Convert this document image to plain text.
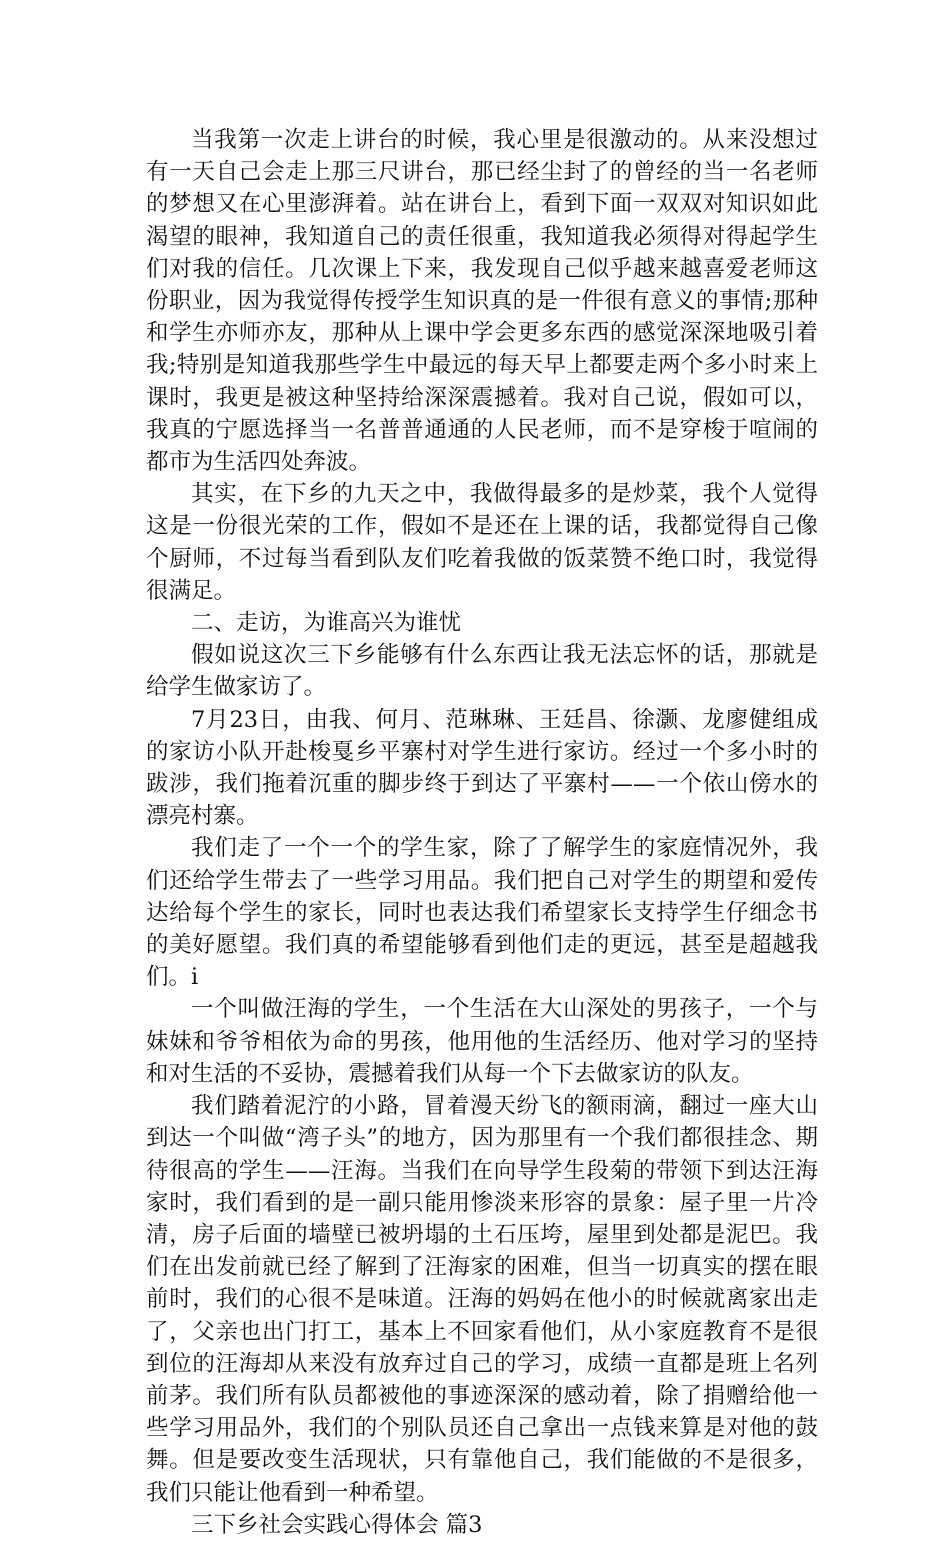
当我第一次走上讲台的时候，我心里是很激动的。从来没想过有一天自己会走上那三尺讲台，那已经尘封了的曾经的当一名老师的梦想又在心里澎湃着。站在讲台上，看到下面一双双对知识如此渴望的眼神，我知道自己的责任很重，我知道我必须得对得起学生们对我的信任。几次课上下来，我发现自己似乎越来越喜爱老师这份职业，因为我觉得传授学生知识真的是一件很有意义的事情;那种和学生亦师亦友，那种从上课中学会更多东西的感觉深深地吸引着我;特别是知道我那些学生中最远的每天早上都要走两个多小时来上课时，我更是被这种坚持给深深震撼着。我对自己说，假如可以，我真的宁愿选择当一名普普通通的人民老师，而不是穿梭于喧闹的都市为生活四处奔波。

其实，在下乡的九天之中，我做得最多的是炒菜，我个人觉得这是一份很光荣的工作，假如不是还在上课的话，我都觉得自己像个厨师，不过每当看到队友们吃着我做的饭菜赞不绝口时，我觉得很满足。

二、走访，为谁高兴为谁忧

假如说这次三下乡能够有什么东西让我无法忘怀的话，那就是给学生做家访了。

7月23日，由我、何月、范琳琳、王廷昌、徐灏、龙廖健组成的家访小队开赴梭戛乡平寨村对学生进行家访。经过一个多小时的跋涉，我们拖着沉重的脚步终于到达了平寨村——一个依山傍水的漂亮村寨。

我们走了一个一个的学生家，除了了解学生的家庭情况外，我们还给学生带去了一些学习用品。我们把自己对学生的期望和爱传达给每个学生的家长，同时也表达我们希望家长支持学生仔细念书的美好愿望。我们真的希望能够看到他们走的更远，甚至是超越我们。i

一个叫做汪海的学生，一个生活在大山深处的男孩子，一个与妹妹和爷爷相依为命的男孩，他用他的生活经历、他对学习的坚持和对生活的不妥协，震撼着我们从每一个下去做家访的队友。

我们踏着泥泞的小路，冒着漫天纷飞的额雨滴，翻过一座大山到达一个叫做“湾子头”的地方，因为那里有一个我们都很挂念、期待很高的学生——汪海。当我们在向导学生段菊的带领下到达汪海家时，我们看到的是一副只能用惨淡来形容的景象：屋子里一片冷清，房子后面的墙壁已被坍塌的土石压垮，屋里到处都是泥巴。我们在出发前就已经了解到了汪海家的困难，但当一切真实的摆在眼前时，我们的心很不是味道。汪海的妈妈在他小的时候就离家出走了，父亲也出门打工，基本上不回家看他们，从小家庭教育不是很到位的汪海却从来没有放弃过自己的学习，成绩一直都是班上名列前茅。我们所有队员都被他的事迹深深的感动着，除了捐赠给他一些学习用品外，我们的个别队员还自己拿出一点钱来算是对他的鼓舞。但是要改变生活现状，只有靠他自己，我们能做的不是很多，我们只能让他看到一种希望。

三下乡社会实践心得体会 篇3
